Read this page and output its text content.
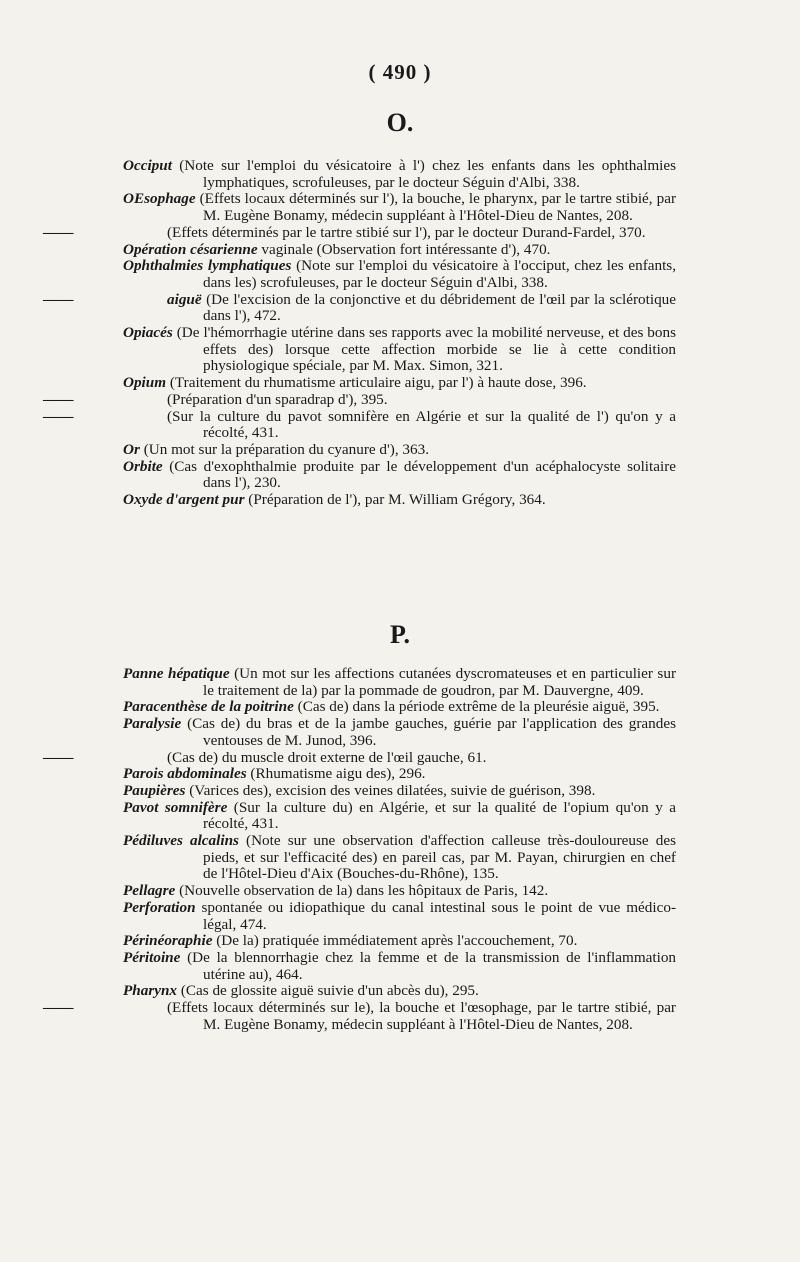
( 490 )
O.
Occiput (Note sur l'emploi du vésicatoire à l') chez les enfants dans les ophthalmies lymphatiques, scrofuleuses, par le docteur Séguin d'Albi, 338.
OEsophage (Effets locaux déterminés sur l'), la bouche, le pharynx, par le tartre stibié, par M. Eugène Bonamy, médecin suppléant à l'Hôtel-Dieu de Nantes, 208.
——	(Effets déterminés par le tartre stibié sur l'), par le docteur Durand-Fardel, 370.
Opération césarienne vaginale (Observation fort intéressante d'), 470.
Ophthalmies lymphatiques (Note sur l'emploi du vésicatoire à l'occiput, chez les enfants, dans les) scrofuleuses, par le docteur Séguin d'Albi, 338.
——	aiguë (De l'excision de la conjonctive et du débridement de l'œil par la sclérotique dans l'), 472.
Opiacés (De l'hémorrhagie utérine dans ses rapports avec la mobilité nerveuse, et des bons effets des) lorsque cette affection morbide se lie à cette condition physiologique spéciale, par M. Max. Simon, 321.
Opium (Traitement du rhumatisme articulaire aigu, par l') à haute dose, 396.
——	(Préparation d'un sparadrap d'), 395.
——	(Sur la culture du pavot somnifère en Algérie et sur la qualité de l') qu'on y a récolté, 431.
Or (Un mot sur la préparation du cyanure d'), 363.
Orbite (Cas d'exophthalmie produite par le développement d'un acéphalocyste solitaire dans l'), 230.
Oxyde d'argent pur (Préparation de l'), par M. William Grégory, 364.
P.
Panne hépatique (Un mot sur les affections cutanées dyscromateuses et en particulier sur le traitement de la) par la pommade de goudron, par M. Dauvergne, 409.
Paracenthèse de la poitrine (Cas de) dans la période extrême de la pleurésie aiguë, 395.
Paralysie (Cas de) du bras et de la jambe gauches, guérie par l'application des grandes ventouses de M. Junod, 396.
——	(Cas de) du muscle droit externe de l'œil gauche, 61.
Parois abdominales (Rhumatisme aigu des), 296.
Paupières (Varices des), excision des veines dilatées, suivie de guérison, 398.
Pavot somnifère (Sur la culture du) en Algérie, et sur la qualité de l'opium qu'on y a récolté, 431.
Pédiluves alcalins (Note sur une observation d'affection calleuse très-douloureuse des pieds, et sur l'efficacité des) en pareil cas, par M. Payan, chirurgien en chef de l'Hôtel-Dieu d'Aix (Bouches-du-Rhône), 135.
Pellagre (Nouvelle observation de la) dans les hôpitaux de Paris, 142.
Perforation spontanée ou idiopathique du canal intestinal sous le point de vue médico-légal, 474.
Périnéoraphie (De la) pratiquée immédiatement après l'accouchement, 70.
Péritoine (De la blennorrhagie chez la femme et de la transmission de l'inflammation utérine au), 464.
Pharynx (Cas de glossite aiguë suivie d'un abcès du), 295.
——	(Effets locaux déterminés sur le), la bouche et l'œsophage, par le tartre stibié, par M. Eugène Bonamy, médecin suppléant à l'Hôtel-Dieu de Nantes, 208.
